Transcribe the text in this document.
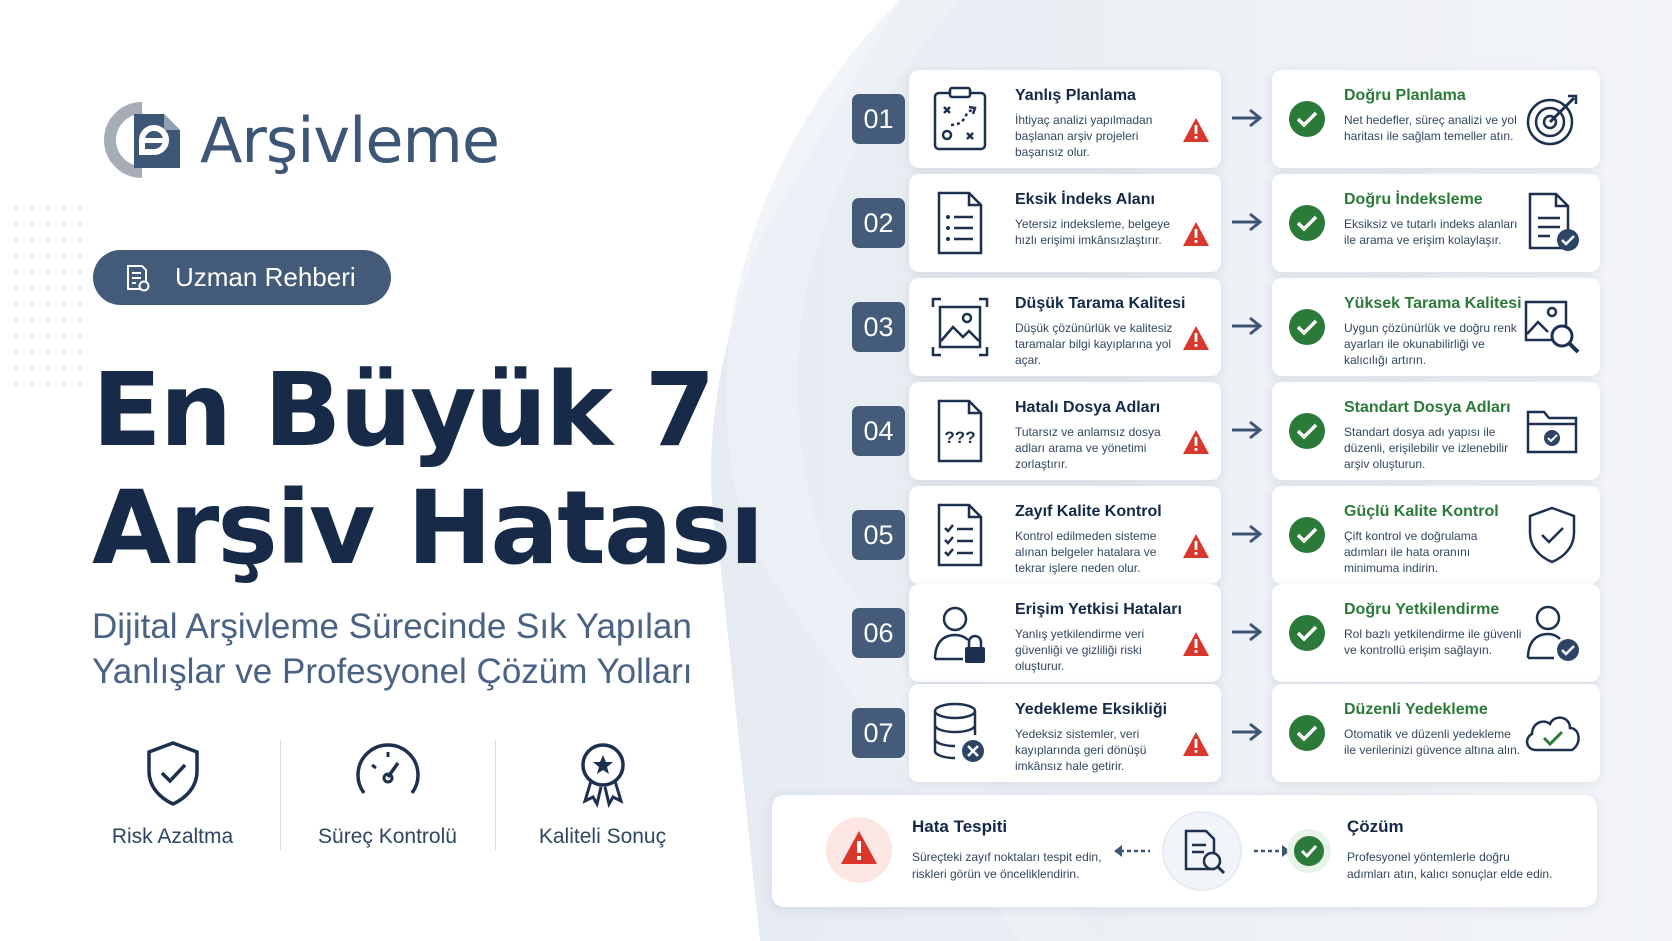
Arşivleme
Uzman Rehberi
En Büyük 7
Arşiv Hatası
Dijital Arşivleme Sürecinde Sık Yapılan
Yanlışlar ve Profesyonel Çözüm Yolları
Risk Azaltma	Süreç Kontrolü	Kaliteli Sonuç
01
Yanlış Planlama

İhtiyaç analizi yapılmadan başlanan arşiv projeleri başarısız olur.

Doğru Planlama

Net hedefler, süreç analizi ve yol haritası ile sağlam temeller atın.

02
Eksik İndeks Alanı

Yetersiz indeksleme, belgeye hızlı erişimi imkânsızlaştırır.

Doğru İndeksleme

Eksiksiz ve tutarlı indeks alanları ile arama ve erişim kolaylaşır.

03
Düşük Tarama Kalitesi

Düşük çözünürlük ve kalitesiz taramalar bilgi kayıplarına yol açar.

Yüksek Tarama Kalitesi

Uygun çözünürlük ve doğru renk ayarları ile okunabilirliği ve kalıcılığı artırın.

04	???
Hatalı Dosya Adları

Tutarsız ve anlamsız dosya adları arama ve yönetimi zorlaştırır.

Standart Dosya Adları

Standart dosya adı yapısı ile düzenli, erişilebilir ve izlenebilir arşiv oluşturun.

05
Zayıf Kalite Kontrol

Kontrol edilmeden sisteme alınan belgeler hatalara ve tekrar işlere neden olur.

Güçlü Kalite Kontrol

Çift kontrol ve doğrulama adımları ile hata oranını minimuma indirin.

06
Erişim Yetkisi Hataları

Yanlış yetkilendirme veri güvenliği ve gizliliği riski oluşturur.

Doğru Yetkilendirme

Rol bazlı yetkilendirme ile güvenli ve kontrollü erişim sağlayın.

07
Yedekleme Eksikliği

Yedeksiz sistemler, veri kayıplarında geri dönüşü imkânsız hale getirir.

Düzenli Yedekleme

Otomatik ve düzenli yedekleme ile verilerinizi güvence altına alın.

Hata Tespiti

Süreçteki zayıf noktaları tespit edin,

riskleri görün ve önceliklendirin.

Çözüm

Profesyonel yöntemlerle doğru

adımları atın, kalıcı sonuçlar elde edin.
